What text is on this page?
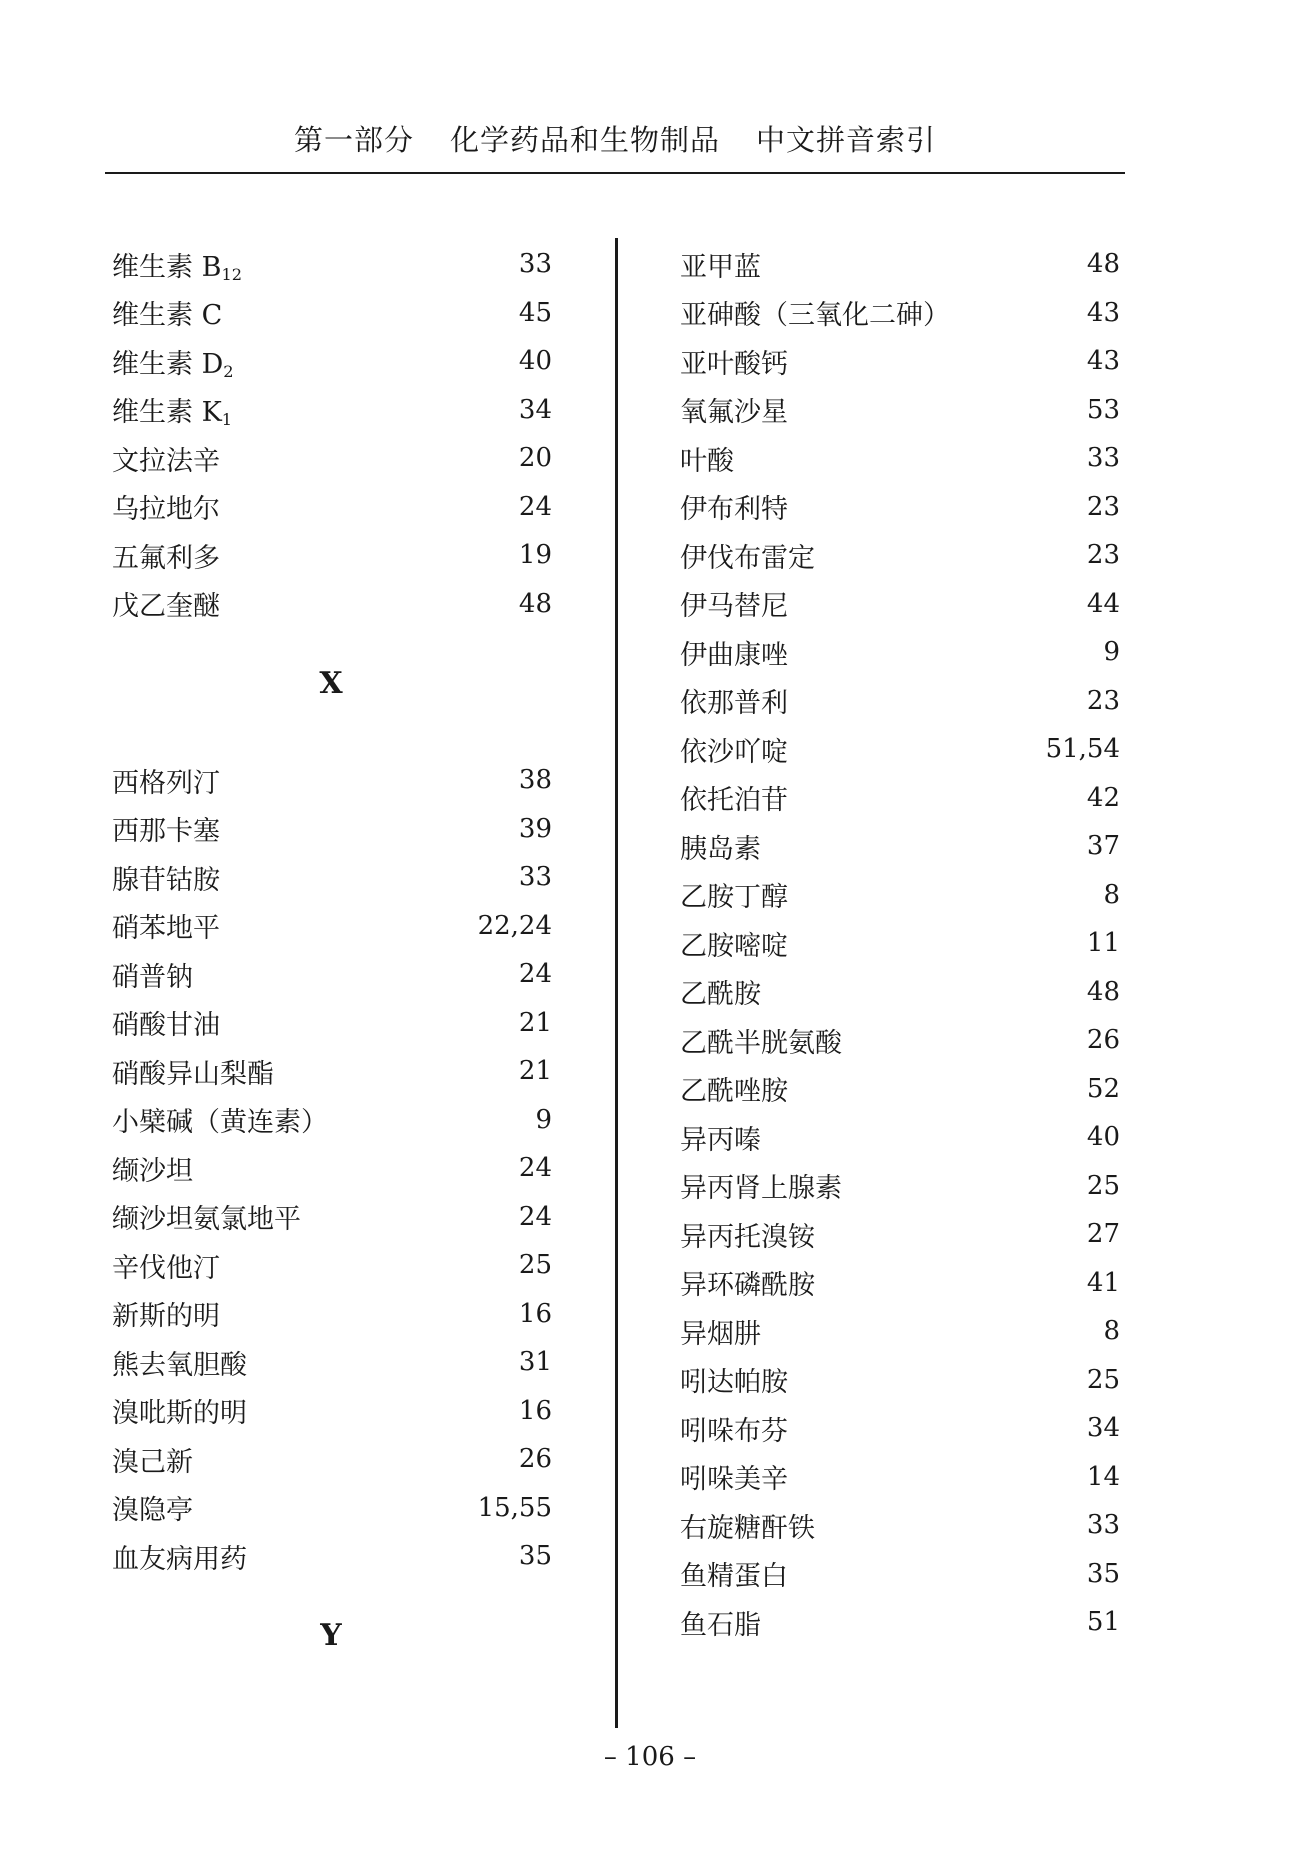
第一部分 化学药品和生物制品 中文拼音索引
维生素 $B_{12}$	33
维生素 C	45
维生素 $D_2$	40
维生素 $K_1$	34
文拉法辛	20
乌拉地尔	24
五氟利多	19
戊乙奎醚	48
X
西格列汀	38
西那卡塞	39
腺苷钴胺	33
硝苯地平	22,24
硝普钠	24
硝酸甘油	21
硝酸异山梨酯	21
小檗碱（黄连素）	9
缬沙坦	24
缬沙坦氨氯地平	24
辛伐他汀	25
新斯的明	16
熊去氧胆酸	31
溴吡斯的明	16
溴己新	26
溴隐亭	15,55
血友病用药	35
Y
亚甲蓝	48
亚砷酸（三氧化二砷）	43
亚叶酸钙	43
氧氟沙星	53
叶酸	33
伊布利特	23
伊伐布雷定	23
伊马替尼	44
伊曲康唑	9
依那普利	23
依沙吖啶	51,54
依托泊苷	42
胰岛素	37
乙胺丁醇	8
乙胺嘧啶	11
乙酰胺	48
乙酰半胱氨酸	26
乙酰唑胺	52
异丙嗪	40
异丙肾上腺素	25
异丙托溴铵	27
异环磷酰胺	41
异烟肼	8
吲达帕胺	25
吲哚布芬	34
吲哚美辛	14
右旋糖酐铁	33
鱼精蛋白	35
鱼石脂	51
– 106 –
